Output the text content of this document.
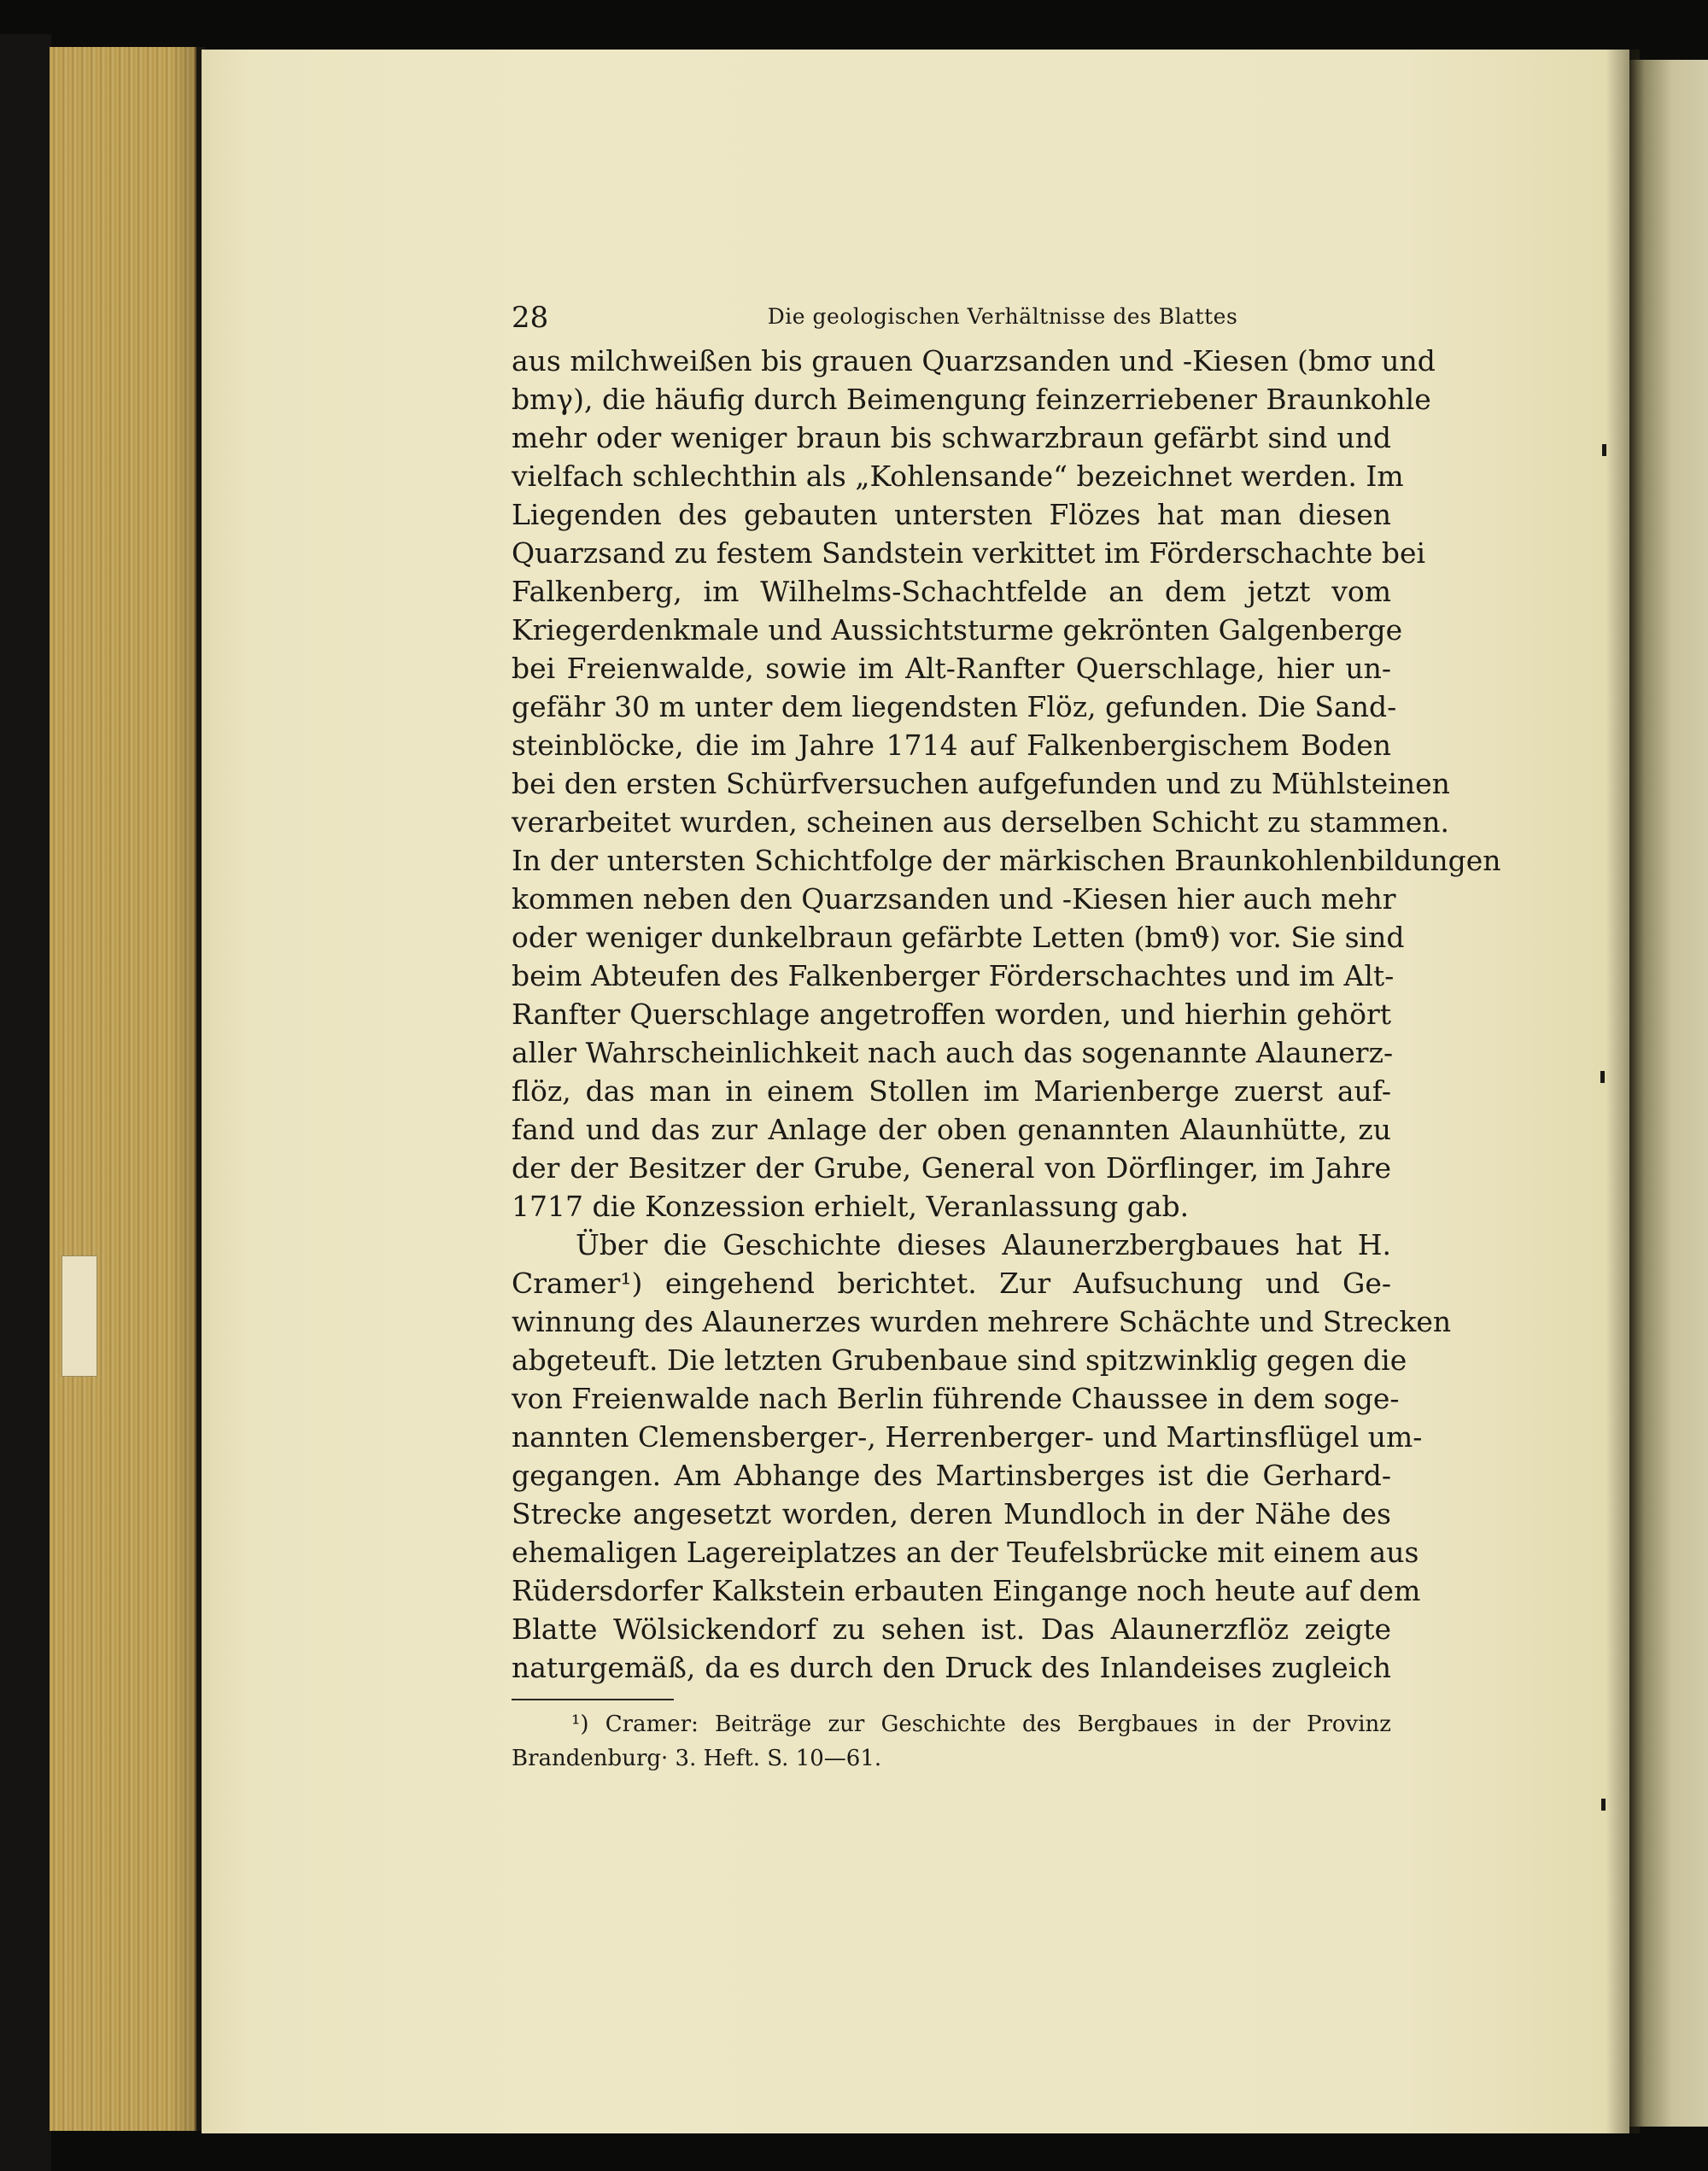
28	Die geologischen Verhältnisse des Blattes
aus milchweißen bis grauen Quarzsanden und -Kiesen (bmσ und
bmγ), die häufig durch Beimengung feinzerriebener Braunkohle
mehr oder weniger braun bis schwarzbraun gefärbt sind und
vielfach schlechthin als „Kohlensande“ bezeichnet werden. Im
Liegenden des gebauten untersten Flözes hat man diesen
Quarzsand zu festem Sandstein verkittet im Förderschachte bei
Falkenberg, im Wilhelms-Schachtfelde an dem jetzt vom
Kriegerdenkmale und Aussichtsturme gekrönten Galgenberge
bei Freienwalde, sowie im Alt-Ranfter Querschlage, hier un-
gefähr 30 m unter dem liegendsten Flöz, gefunden. Die Sand-
steinblöcke, die im Jahre 1714 auf Falkenbergischem Boden
bei den ersten Schürfversuchen aufgefunden und zu Mühlsteinen
verarbeitet wurden, scheinen aus derselben Schicht zu stammen.
In der untersten Schichtfolge der märkischen Braunkohlenbildungen
kommen neben den Quarzsanden und -Kiesen hier auch mehr
oder weniger dunkelbraun gefärbte Letten (bmϑ) vor. Sie sind
beim Abteufen des Falkenberger Förderschachtes und im Alt-
Ranfter Querschlage angetroffen worden, und hierhin gehört
aller Wahrscheinlichkeit nach auch das sogenannte Alaunerz-
flöz, das man in einem Stollen im Marienberge zuerst auf-
fand und das zur Anlage der oben genannten Alaunhütte, zu
der der Besitzer der Grube, General von Dörflinger, im Jahre
1717 die Konzession erhielt, Veranlassung gab.
Über die Geschichte dieses Alaunerzbergbaues hat H.
Cramer¹) eingehend berichtet. Zur Aufsuchung und Ge-
winnung des Alaunerzes wurden mehrere Schächte und Strecken
abgeteuft. Die letzten Grubenbaue sind spitzwinklig gegen die
von Freienwalde nach Berlin führende Chaussee in dem soge-
nannten Clemensberger-, Herrenberger- und Martinsflügel um-
gegangen. Am Abhange des Martinsberges ist die Gerhard-
Strecke angesetzt worden, deren Mundloch in der Nähe des
ehemaligen Lagereiplatzes an der Teufelsbrücke mit einem aus
Rüdersdorfer Kalkstein erbauten Eingange noch heute auf dem
Blatte Wölsickendorf zu sehen ist. Das Alaunerzflöz zeigte
naturgemäß, da es durch den Druck des Inlandeises zugleich
¹) Cramer: Beiträge zur Geschichte des Bergbaues in der Provinz
Brandenburg· 3. Heft. S. 10—61.
